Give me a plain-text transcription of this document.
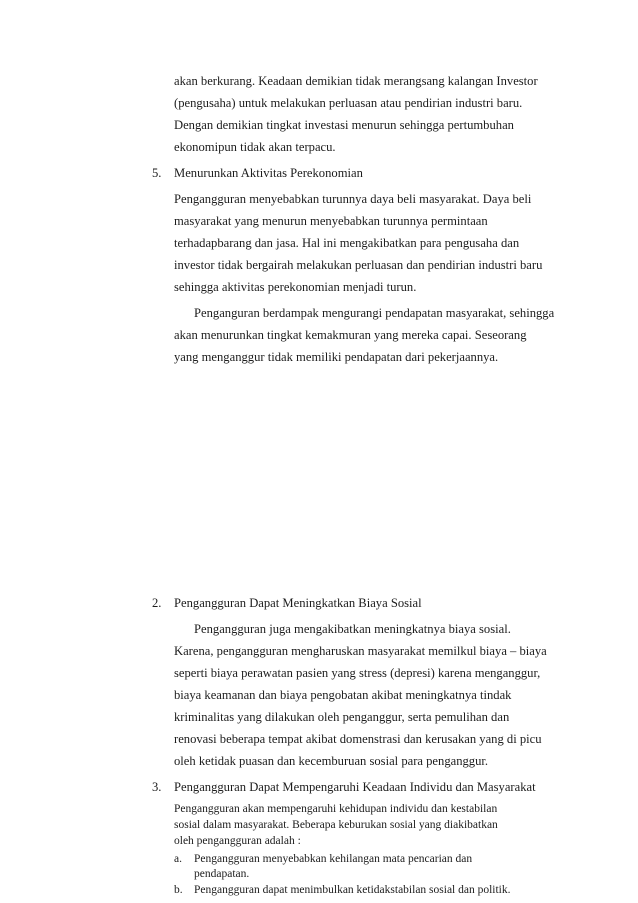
akan berkurang. Keadaan demikian tidak merangsang kalangan Investor
(pengusaha) untuk melakukan perluasan atau pendirian industri baru.
Dengan demikian tingkat investasi menurun sehingga pertumbuhan
ekonomipun tidak akan terpacu.
5. Menurunkan Aktivitas Perekonomian
Pengangguran menyebabkan turunnya daya beli masyarakat. Daya beli
masyarakat yang menurun menyebabkan turunnya permintaan
terhadapbarang dan jasa. Hal ini mengakibatkan para pengusaha dan
investor tidak bergairah melakukan perluasan dan pendirian industri baru
sehingga aktivitas perekonomian menjadi turun.
Penganguran berdampak mengurangi pendapatan masyarakat, sehingga
akan menurunkan tingkat kemakmuran yang mereka capai. Seseorang
yang menganggur tidak memiliki pendapatan dari pekerjaannya.
2. Pengangguran Dapat Meningkatkan Biaya Sosial
Pengangguran juga mengakibatkan meningkatnya biaya sosial.
Karena, pengangguran mengharuskan masyarakat memilkul biaya – biaya
seperti biaya perawatan pasien yang stress (depresi) karena menganggur,
biaya keamanan dan biaya pengobatan akibat meningkatnya tindak
kriminalitas yang dilakukan oleh penganggur, serta pemulihan dan
renovasi beberapa tempat akibat domenstrasi dan kerusakan yang di picu
oleh ketidak puasan dan kecemburuan sosial para penganggur.
3. Pengangguran Dapat Mempengaruhi Keadaan Individu dan Masyarakat
Pengangguran akan mempengaruhi kehidupan individu dan kestabilan
sosial dalam masyarakat. Beberapa keburukan sosial yang diakibatkan
oleh pengangguran adalah :
a. Pengangguran menyebabkan kehilangan mata pencarian dan
pendapatan.
b. Pengangguran dapat menimbulkan ketidakstabilan sosial dan politik.
